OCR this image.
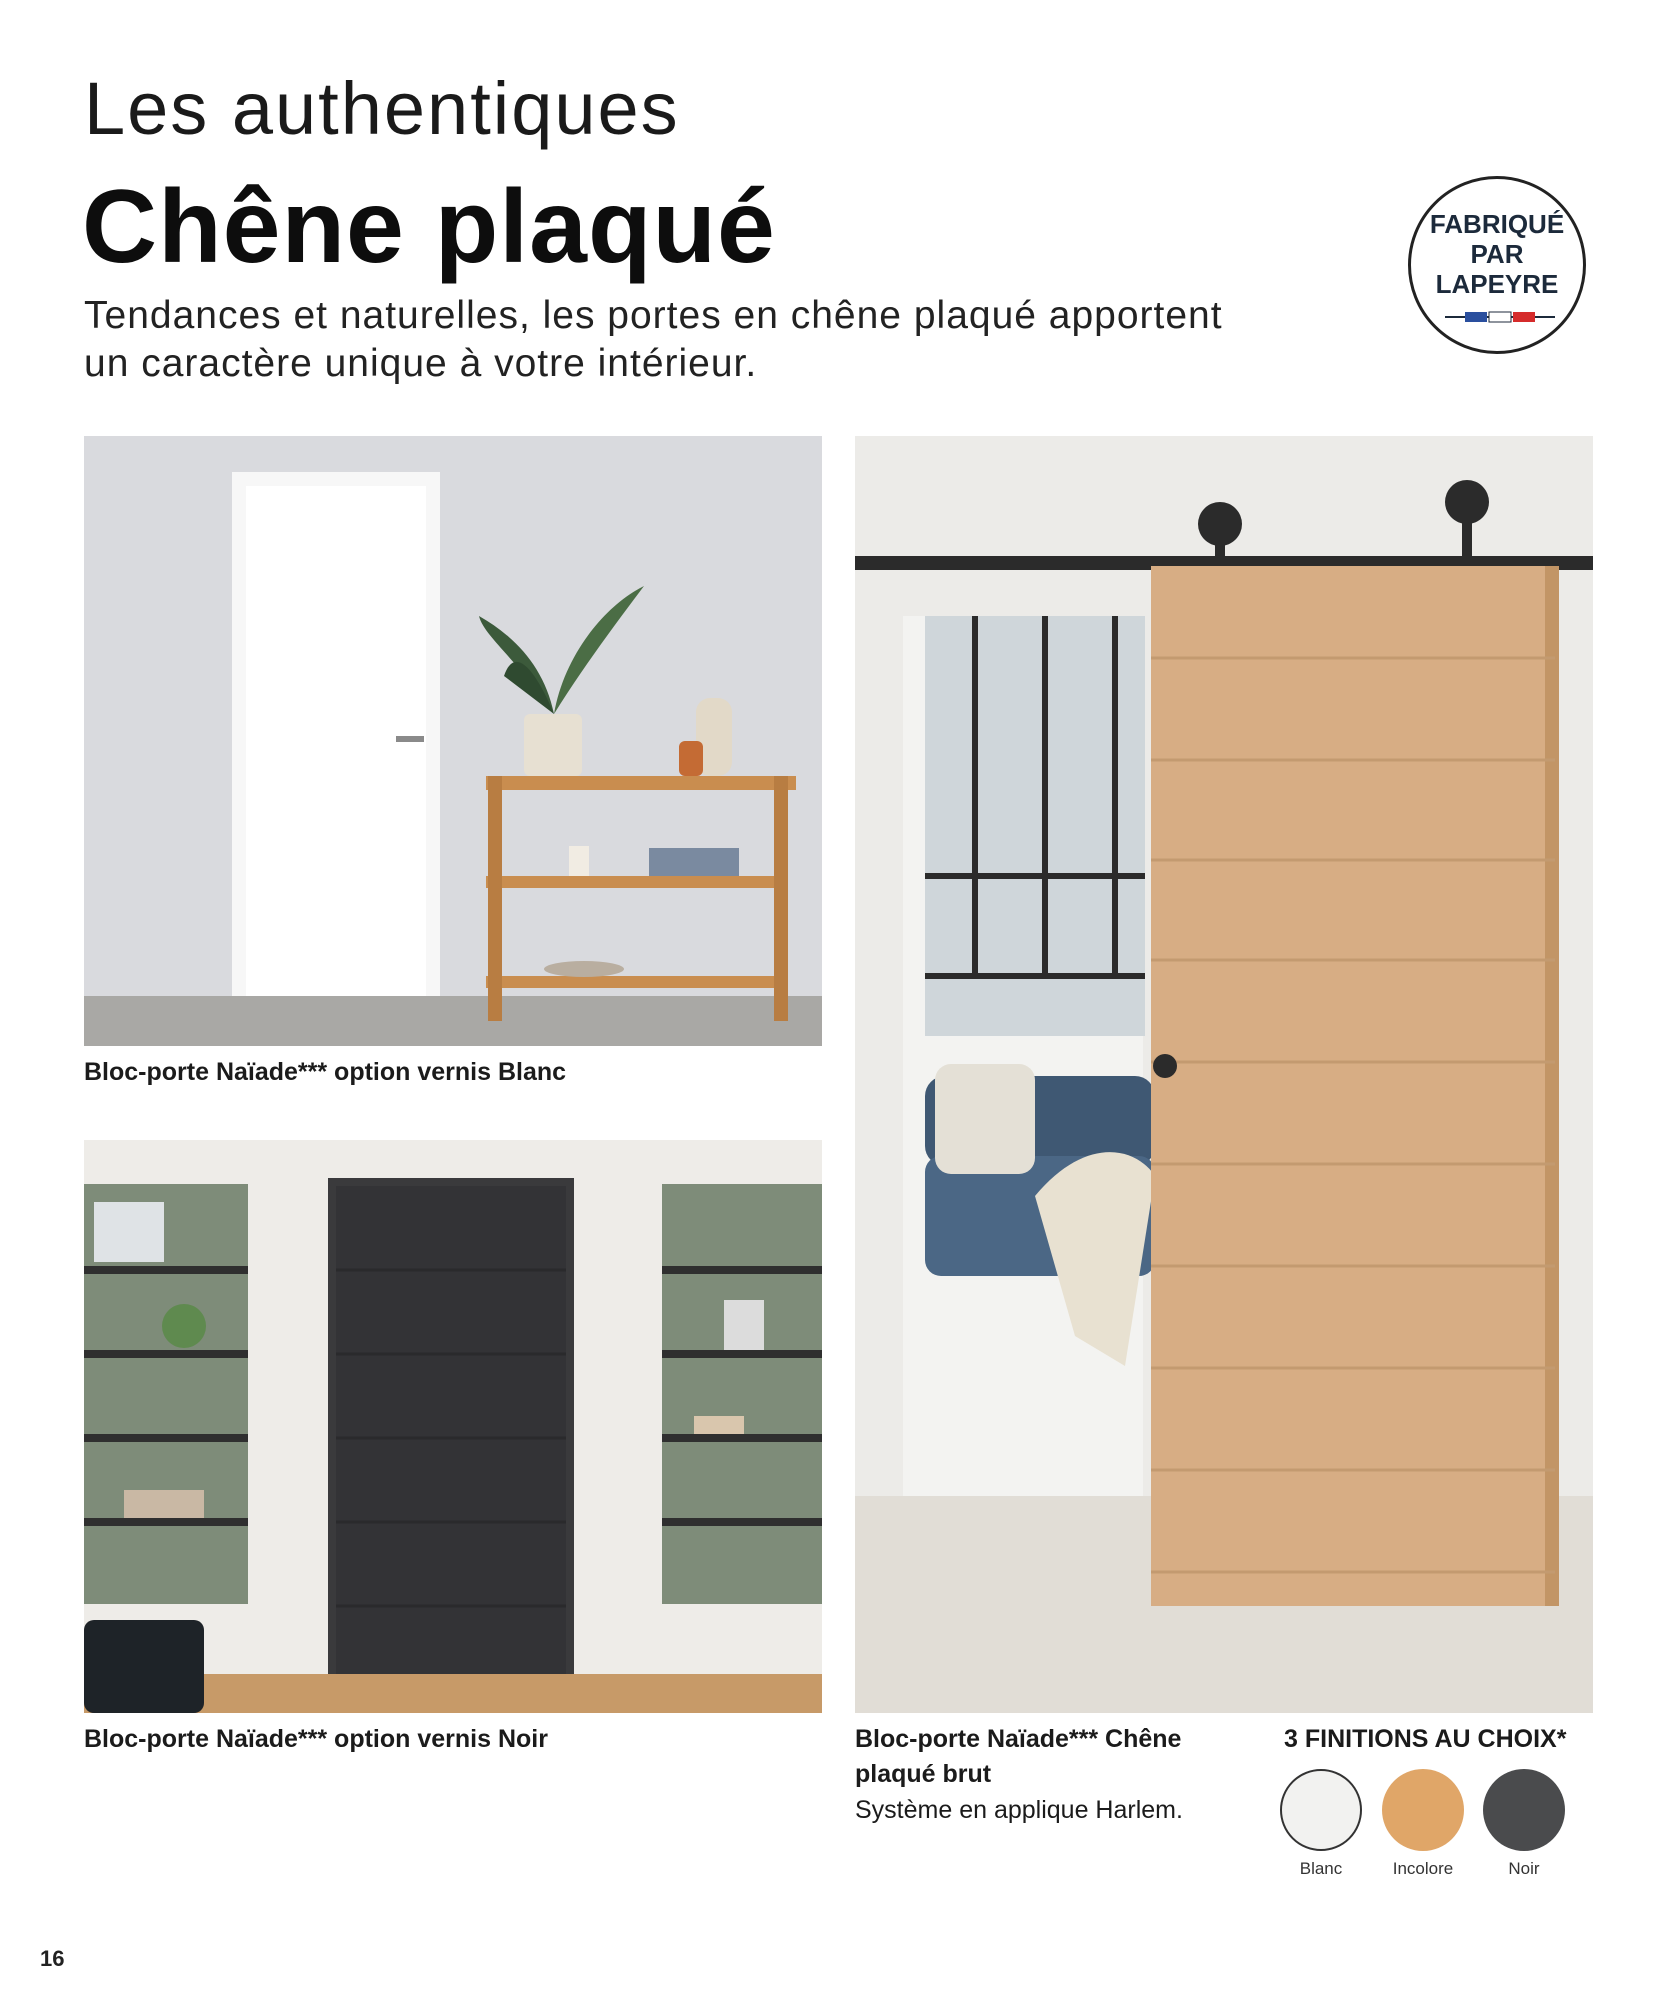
Les authentiques
Chêne plaqué
Tendances et naturelles, les portes en chêne plaqué apportent
un caractère unique à votre intérieur.
FABRIQUÉ
PAR
LAPEYRE
Bloc-porte Naïade*** option vernis Blanc
Bloc-porte Naïade*** option vernis Noir	Bloc-porte Naïade*** Chêne
plaqué brut
Système en applique Harlem.
3 FINITIONS AU CHOIX*
Blanc	Incolore	Noir
16
